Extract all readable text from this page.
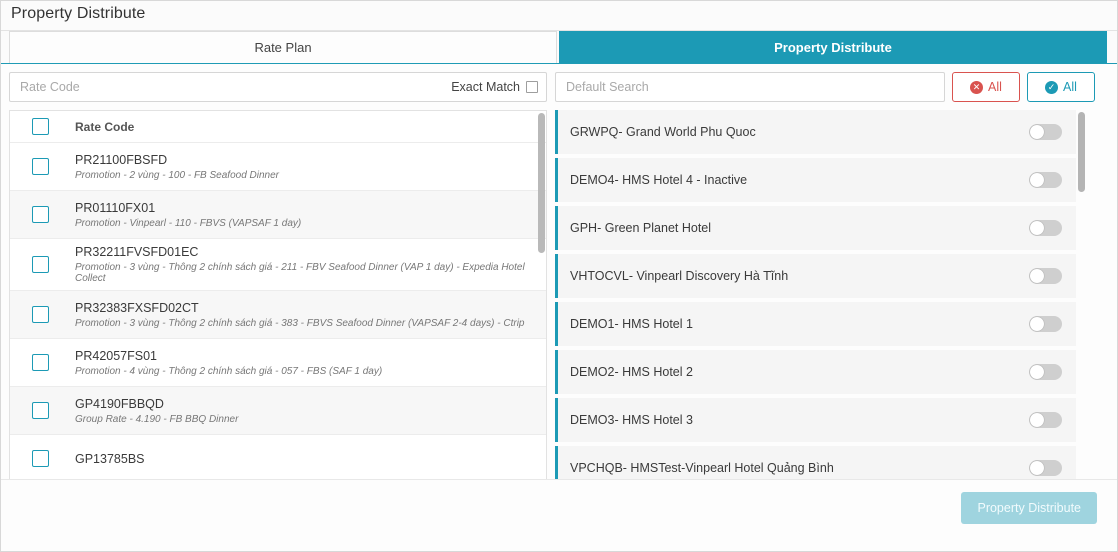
Property Distribute
Rate Plan	Property Distribute
Rate Code
Exact Match
Rate Code
PR21100FBSFD
Promotion - 2 vùng - 100 - FB Seafood Dinner
PR01110FX01
Promotion - Vinpearl - 110 - FBVS (VAPSAF 1 day)
PR32211FVSFD01EC
Promotion - 3 vùng - Thông 2 chính sách giá - 211 - FBV Seafood Dinner (VAP 1 day) - Expedia Hotel Collect
PR32383FXSFD02CT
Promotion - 3 vùng - Thông 2 chính sách giá - 383 - FBVS Seafood Dinner (VAPSAF 2-4 days) - Ctrip
PR42057FS01
Promotion - 4 vùng - Thông 2 chính sách giá - 057 - FBS (SAF 1 day)
GP4190FBBQD
Group Rate - 4.190 - FB BBQ Dinner
GP13785BS
Default Search
✕ All	✓ All
GRWPQ- Grand World Phu Quoc
DEMO4- HMS Hotel 4 - Inactive
GPH- Green Planet Hotel
VHTOCVL- Vinpearl Discovery Hà Tĩnh
DEMO1- HMS Hotel 1
DEMO2- HMS Hotel 2
DEMO3- HMS Hotel 3
VPCHQB- HMSTest-Vinpearl Hotel Quảng Bình
Property Distribute
